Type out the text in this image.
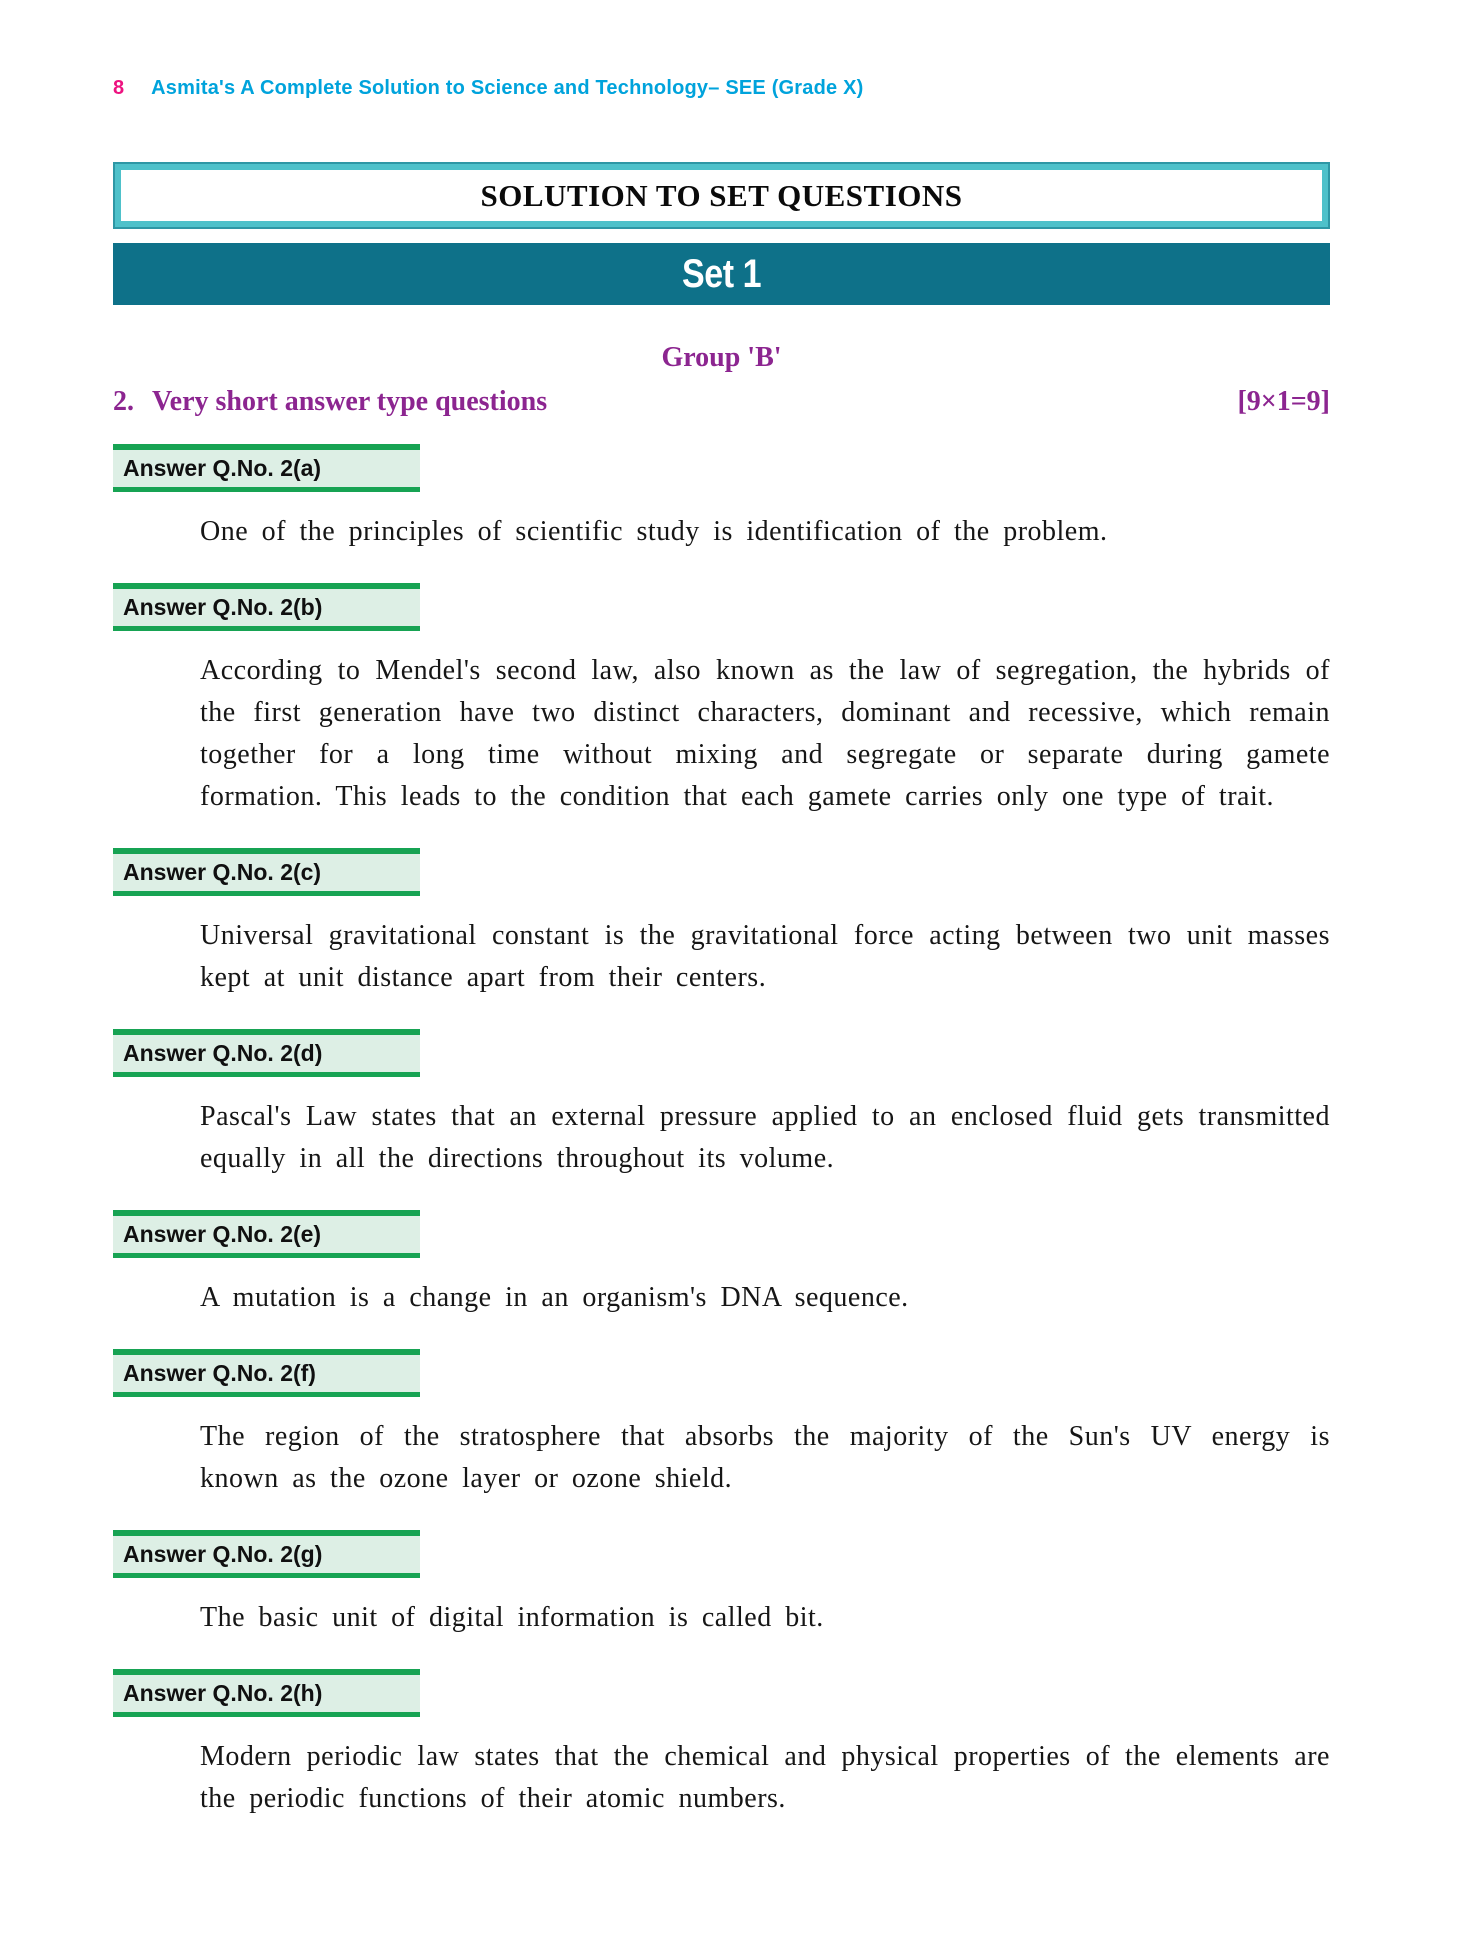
8 Asmita's A Complete Solution to Science and Technology– SEE (Grade X)
SOLUTION TO SET QUESTIONS
Set 1
Group 'B'
2. Very short answer type questions	[9×1=9]
Answer Q.No. 2(a)

One of the principles of scientific study is identification of the problem.

Answer Q.No. 2(b)

According to Mendel's second law, also known as the law of segregation, the hybrids of the first generation have two distinct characters, dominant and recessive, which remain together for a long time without mixing and segregate or separate during gamete formation. This leads to the condition that each gamete carries only one type of trait.

Answer Q.No. 2(c)

Universal gravitational constant is the gravitational force acting between two unit masses kept at unit distance apart from their centers.

Answer Q.No. 2(d)

Pascal's Law states that an external pressure applied to an enclosed fluid gets transmitted equally in all the directions throughout its volume.

Answer Q.No. 2(e)

A mutation is a change in an organism's DNA sequence.

Answer Q.No. 2(f)

The region of the stratosphere that absorbs the majority of the Sun's UV energy is known as the ozone layer or ozone shield.

Answer Q.No. 2(g)

The basic unit of digital information is called bit.

Answer Q.No. 2(h)

Modern periodic law states that the chemical and physical properties of the elements are the periodic functions of their atomic numbers.
